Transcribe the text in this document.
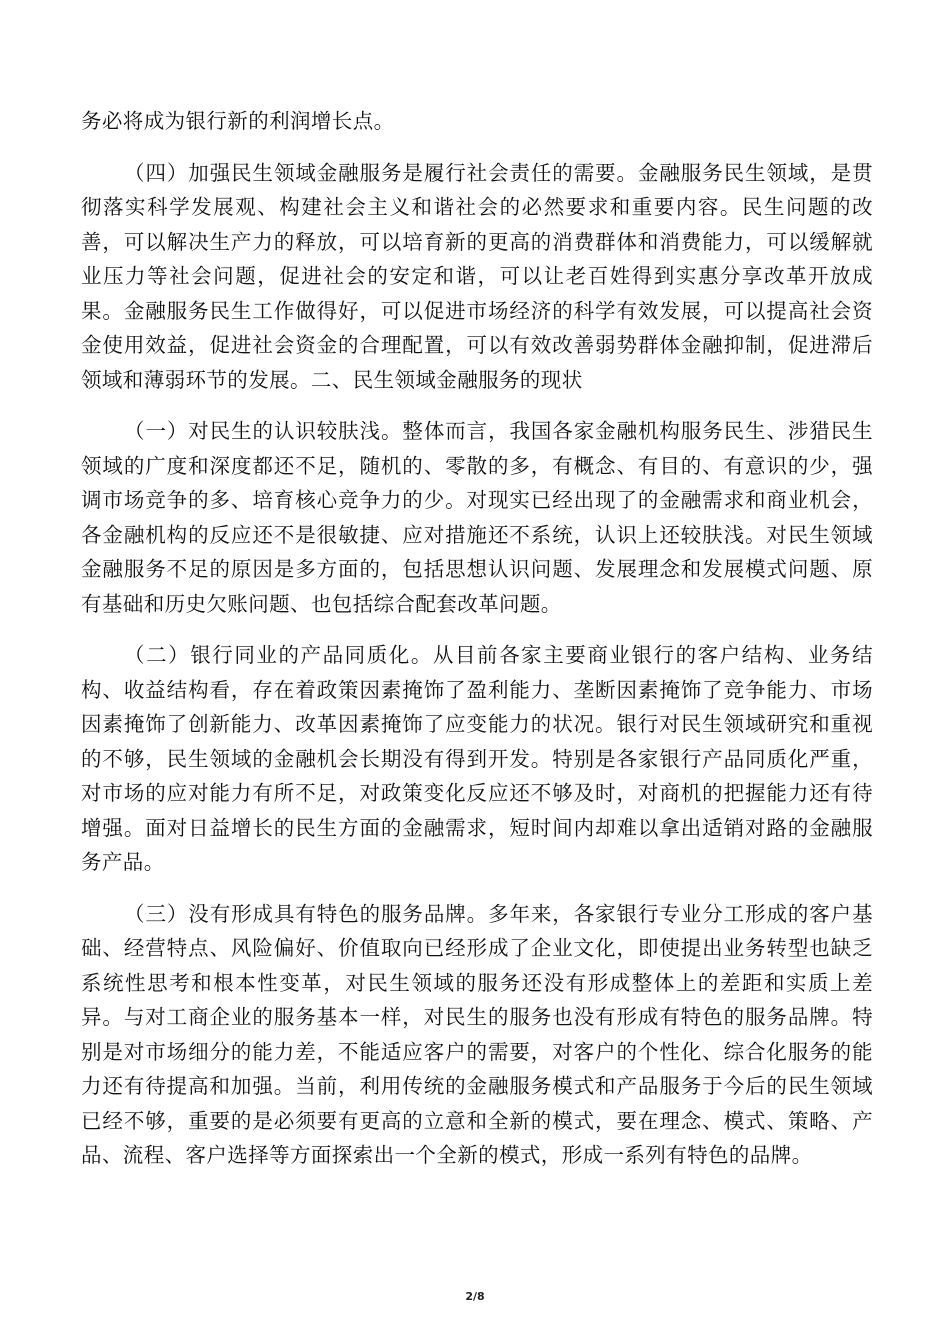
务必将成为银行新的利润增长点。

（四）加强民生领域金融服务是履行社会责任的需要。金融服务民生领域，是贯彻落实科学发展观、构建社会主义和谐社会的必然要求和重要内容。民生问题的改善，可以解决生产力的释放，可以培育新的更高的消费群体和消费能力，可以缓解就业压力等社会问题，促进社会的安定和谐，可以让老百姓得到实惠分享改革开放成果。金融服务民生工作做得好，可以促进市场经济的科学有效发展，可以提高社会资金使用效益，促进社会资金的合理配置，可以有效改善弱势群体金融抑制，促进滞后领域和薄弱环节的发展。二、民生领域金融服务的现状

（一）对民生的认识较肤浅。整体而言，我国各家金融机构服务民生、涉猎民生领域的广度和深度都还不足，随机的、零散的多，有概念、有目的、有意识的少，强调市场竞争的多、培育核心竞争力的少。对现实已经出现了的金融需求和商业机会，各金融机构的反应还不是很敏捷、应对措施还不系统，认识上还较肤浅。对民生领域金融服务不足的原因是多方面的，包括思想认识问题、发展理念和发展模式问题、原有基础和历史欠账问题、也包括综合配套改革问题。

（二）银行同业的产品同质化。从目前各家主要商业银行的客户结构、业务结构、收益结构看，存在着政策因素掩饰了盈利能力、垄断因素掩饰了竞争能力、市场因素掩饰了创新能力、改革因素掩饰了应变能力的状况。银行对民生领域研究和重视的不够，民生领域的金融机会长期没有得到开发。特别是各家银行产品同质化严重，对市场的应对能力有所不足，对政策变化反应还不够及时，对商机的把握能力还有待增强。面对日益增长的民生方面的金融需求，短时间内却难以拿出适销对路的金融服务产品。

（三）没有形成具有特色的服务品牌。多年来，各家银行专业分工形成的客户基础、经营特点、风险偏好、价值取向已经形成了企业文化，即使提出业务转型也缺乏系统性思考和根本性变革，对民生领域的服务还没有形成整体上的差距和实质上差异。与对工商企业的服务基本一样，对民生的服务也没有形成有特色的服务品牌。特别是对市场细分的能力差，不能适应客户的需要，对客户的个性化、综合化服务的能力还有待提高和加强。当前，利用传统的金融服务模式和产品服务于今后的民生领域已经不够，重要的是必须要有更高的立意和全新的模式，要在理念、模式、策略、产品、流程、客户选择等方面探索出一个全新的模式，形成一系列有特色的品牌。

2/8
